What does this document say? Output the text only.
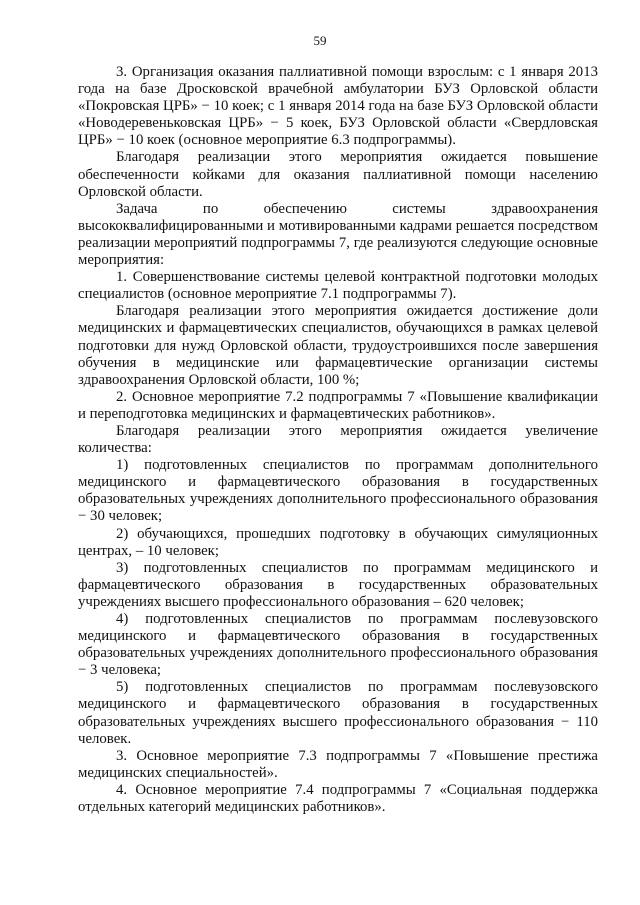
59

3. Организация оказания паллиативной помощи взрослым: с 1 января 2013 года на базе Дросковской врачебной амбулатории БУЗ Орловской области «Покровская ЦРБ» − 10 коек; с 1 января 2014 года на базе БУЗ Орловской области «Новодеревеньковская ЦРБ» − 5 коек, БУЗ Орловской области «Свердловская ЦРБ» − 10 коек (основное мероприятие 6.3 подпрограммы).

Благодаря реализации этого мероприятия ожидается повышение обеспеченности койками для оказания паллиативной помощи населению Орловской области.

Задача по обеспечению системы здравоохранения высококвалифицированными и мотивированными кадрами решается посредством реализации мероприятий подпрограммы 7, где реализуются следующие основные мероприятия:

1. Совершенствование системы целевой контрактной подготовки молодых специалистов (основное мероприятие 7.1 подпрограммы 7).

Благодаря реализации этого мероприятия ожидается достижение доли медицинских и фармацевтических специалистов, обучающихся в рамках целевой подготовки для нужд Орловской области, трудоустроившихся после завершения обучения в медицинские или фармацевтические организации системы здравоохранения Орловской области, 100 %;

2. Основное мероприятие 7.2 подпрограммы 7 «Повышение квалификации и переподготовка медицинских и фармацевтических работников».

Благодаря реализации этого мероприятия ожидается увеличение количества:

1) подготовленных специалистов по программам дополнительного медицинского и фармацевтического образования в государственных образовательных учреждениях дополнительного профессионального образования − 30 человек;

2) обучающихся, прошедших подготовку в обучающих симуляционных центрах, – 10 человек;

3) подготовленных специалистов по программам медицинского и фармацевтического образования в государственных образовательных учреждениях высшего профессионального образования – 620 человек;

4) подготовленных специалистов по программам послевузовского медицинского и фармацевтического образования в государственных образовательных учреждениях дополнительного профессионального образования − 3 человека;

5) подготовленных специалистов по программам послевузовского медицинского и фармацевтического образования в государственных образовательных учреждениях высшего профессионального образования − 110 человек.

3. Основное мероприятие 7.3 подпрограммы 7 «Повышение престижа медицинских специальностей».

4. Основное мероприятие 7.4 подпрограммы 7 «Социальная поддержка отдельных категорий медицинских работников».
